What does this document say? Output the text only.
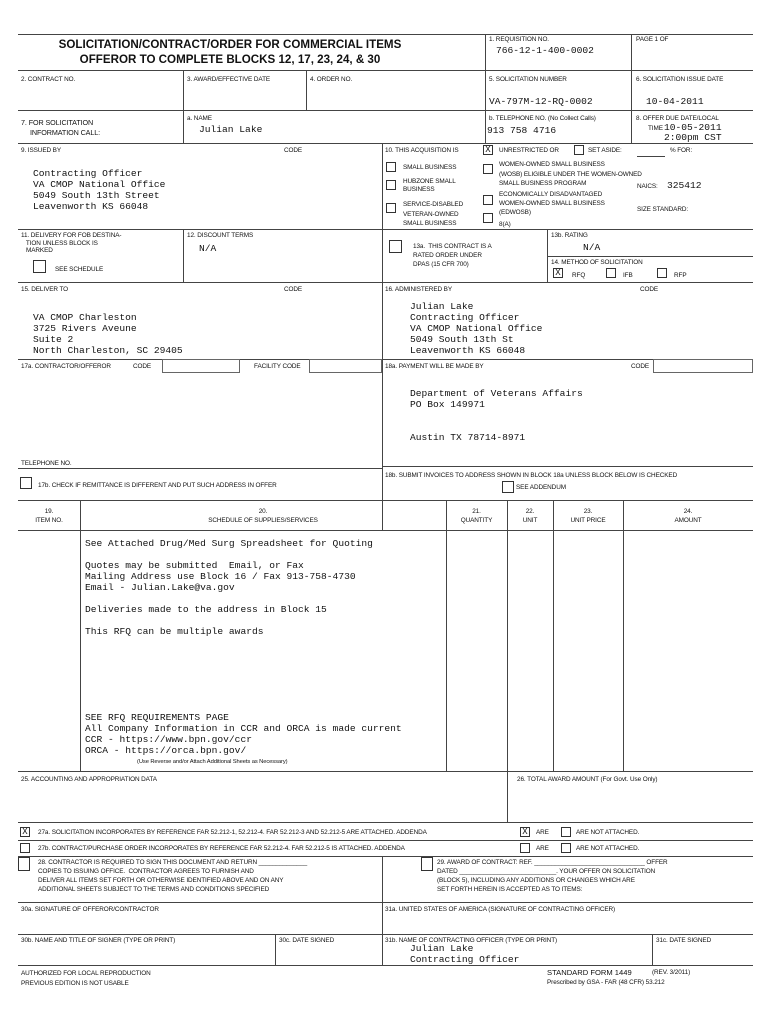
SOLICITATION/CONTRACT/ORDER FOR COMMERCIAL ITEMS
OFFEROR TO COMPLETE BLOCKS 12, 17, 23, 24, & 30
1. REQUISITION NO.
766-12-1-400-0002
PAGE 1 OF
2. CONTRACT NO.	3. AWARD/EFFECTIVE DATE	4. ORDER NO.	5. SOLICITATION NUMBER
VA-797M-12-RQ-0002
6. SOLICITATION ISSUE DATE
10-04-2011
7. FOR SOLICITATION
INFORMATION CALL:
a. NAME
Julian Lake
b. TELEPHONE NO. (No Collect Calls)
913 758 4716
8. OFFER DUE DATE/LOCAL
TIME 10-05-2011
2:00pm CST
9. ISSUED BY	CODE
Contracting Officer
VA CMOP National Office
5049 South 13th Street
Leavenworth KS 66048
10. THIS ACQUISITION IS	X	UNRESTRICTED OR	SET ASIDE:	% FOR:
SMALL BUSINESS
HUBZONE SMALL
BUSINESS
SERVICE-DISABLED
VETERAN-OWNED
SMALL BUSINESS
WOMEN-OWNED SMALL BUSINESS
(WOSB) ELIGIBLE UNDER THE WOMEN-OWNED
SMALL BUSINESS PROGRAM
ECONOMICALLY DISADVANTAGED
WOMEN-OWNED SMALL BUSINESS
(EDWOSB)
8(A)
NAICS: 325412
SIZE STANDARD:
11. DELIVERY FOR FOB DESTINA-
TION UNLESS BLOCK IS
MARKED
SEE SCHEDULE
12. DISCOUNT TERMS
N/A	13a.  THIS CONTRACT IS A
RATED ORDER UNDER
DPAS (15 CFR 700)
13b. RATING
N/A
14. METHOD OF SOLICITATION
X	RFQ	IFB	RFP
15. DELIVER TO	CODE
VA CMOP Charleston
3725 Rivers Aveune
Suite 2
North Charleston, SC 29405
16. ADMINISTERED BY	CODE
Julian Lake
Contracting Officer
VA CMOP National Office
5049 South 13th St
Leavenworth KS 66048
17a. CONTRACTOR/OFFEROR	CODE	FACILITY CODE
TELEPHONE NO.
17b. CHECK IF REMITTANCE IS DIFFERENT AND PUT SUCH ADDRESS IN OFFER
18a. PAYMENT WILL BE MADE BY	CODE
Department of Veterans Affairs
PO Box 149971

Austin TX 78714-8971
18b. SUBMIT INVOICES TO ADDRESS SHOWN IN BLOCK 18a UNLESS BLOCK BELOW IS CHECKED
SEE ADDENDUM
19.
ITEM NO.
20.
SCHEDULE OF SUPPLIES/SERVICES
21.
QUANTITY
22.
UNIT
23.
UNIT PRICE
24.
AMOUNT
See Attached Drug/Med Surg Spreadsheet for Quoting

Quotes may be submitted  Email, or Fax
Mailing Address use Block 16 / Fax 913-758-4730
Email - Julian.Lake@va.gov

Deliveries made to the address in Block 15

This RFQ can be multiple awards
SEE RFQ REQUIREMENTS PAGE
All Company Information in CCR and ORCA is made current
CCR - https://www.bpn.gov/ccr
ORCA - https://orca.bpn.gov/
(Use Reverse and/or Attach Additional Sheets as Necessary)
25. ACCOUNTING AND APPROPRIATION DATA	26. TOTAL AWARD AMOUNT (For Govt. Use Only)
X	27a. SOLICITATION INCORPORATES BY REFERENCE FAR 52.212-1, 52.212-4. FAR 52.212-3 AND 52.212-5 ARE ATTACHED. ADDENDA	X	ARE	ARE NOT ATTACHED.
27b. CONTRACT/PURCHASE ORDER INCORPORATES BY REFERENCE FAR 52.212-4. FAR 52.212-5 IS ATTACHED. ADDENDA	ARE	ARE NOT ATTACHED.
28. CONTRACTOR IS REQUIRED TO SIGN THIS DOCUMENT AND RETURN ______________
COPIES TO ISSUING OFFICE.  CONTRACTOR AGREES TO FURNISH AND
DELIVER ALL ITEMS SET FORTH OR OTHERWISE IDENTIFIED ABOVE AND ON ANY
ADDITIONAL SHEETS SUBJECT TO THE TERMS AND CONDITIONS SPECIFIED
29. AWARD OF CONTRACT: REF. ________________________________ OFFER
DATED ____________________________. YOUR OFFER ON SOLICITATION
(BLOCK 5), INCLUDING ANY ADDITIONS OR CHANGES WHICH ARE
SET FORTH HEREIN IS ACCEPTED AS TO ITEMS:
30a. SIGNATURE OF OFFEROR/CONTRACTOR	31a. UNITED STATES OF AMERICA (SIGNATURE OF CONTRACTING OFFICER)
30b. NAME AND TITLE OF SIGNER (TYPE OR PRINT)	30c. DATE SIGNED	31b. NAME OF CONTRACTING OFFICER (TYPE OR PRINT)
Julian Lake
Contracting Officer
31c. DATE SIGNED
AUTHORIZED FOR LOCAL REPRODUCTION
PREVIOUS EDITION IS NOT USABLE
STANDARD FORM 1449	(REV. 3/2011)
Prescribed by GSA - FAR (48 CFR) 53.212
